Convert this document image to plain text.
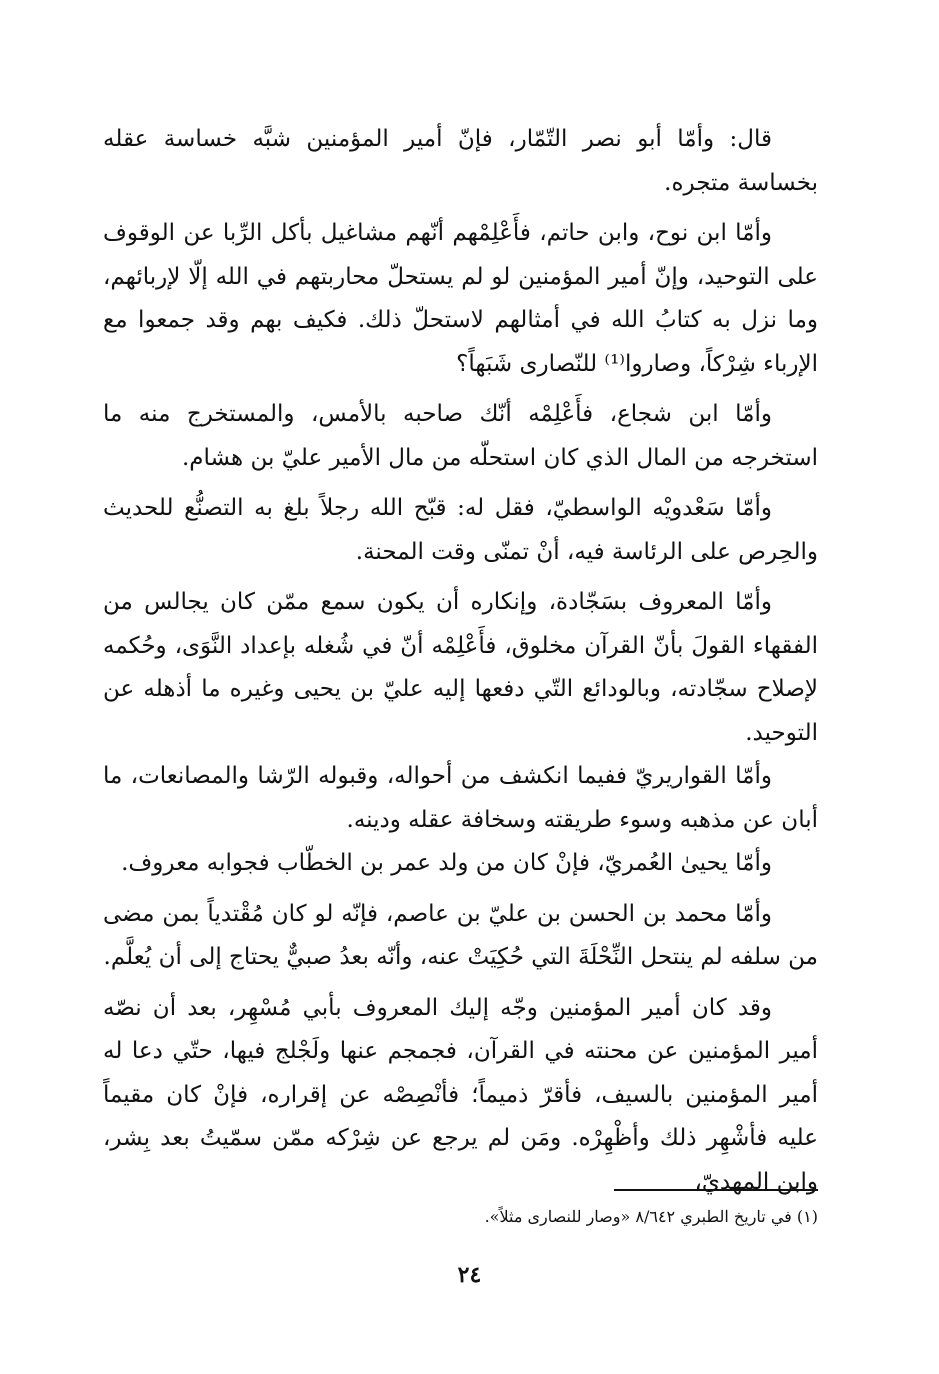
قال: وأمّا أبو نصر التّمّار، فإنّ أمير المؤمنين شبَّه خساسة عقله بخساسة متجره.

وأمّا ابن نوح، وابن حاتم، فأَعْلِمْهم أنّهم مشاغيل بأكل الرِّبا عن الوقوف على التوحيد، وإنّ أمير المؤمنين لو لم يستحلّ محاربتهم في الله إلّا لإربائهم، وما نزل به كتابُ الله في أمثالهم لاستحلّ ذلك. فكيف بهم وقد جمعوا مع الإرباء شِرْكاً، وصاروا⁽¹⁾ للنّصارى شَبَهاً؟

وأمّا ابن شجاع، فأَعْلِمْه أنّك صاحبه بالأمس، والمستخرج منه ما استخرجه من المال الذي كان استحلّه من مال الأمير عليّ بن هشام.

وأمّا سَعْدويْه الواسطيّ، فقل له: قبّح الله رجلاً بلغ به التصنُّع للحديث والحِرص على الرئاسة فيه، أنْ تمنّى وقت المحنة.

وأمّا المعروف بسَجّادة، وإنكاره أن يكون سمع ممّن كان يجالس من الفقهاء القولَ بأنّ القرآن مخلوق، فأَعْلِمْه أنّ في شُغله بإعداد النَّوَى، وحُكمه لإصلاح سجّادته، وبالودائع التّي دفعها إليه عليّ بن يحيى وغيره ما أذهله عن التوحيد.

وأمّا القواريريّ ففيما انكشف من أحواله، وقبوله الرّشا والمصانعات، ما أبان عن مذهبه وسوء طريقته وسخافة عقله ودينه.

وأمّا يحيىٰ العُمريّ، فإنْ كان من ولد عمر بن الخطّاب فجوابه معروف.

وأمّا محمد بن الحسن بن عليّ بن عاصم، فإنّه لو كان مُقْتدياً بمن مضى من سلفه لم ينتحل النِّحْلَةَ التي حُكِيَتْ عنه، وأنّه بعدُ صبيٌّ يحتاج إلى أن يُعلَّم.

وقد كان أمير المؤمنين وجّه إليك المعروف بأبي مُسْهِر، بعد أن نصّه أمير المؤمنين عن محنته في القرآن، فجمجم عنها ولَجْلج فيها، حتّي دعا له أمير المؤمنين بالسيف، فأقرّ ذميماً؛ فأنْصِصْه عن إقراره، فإنْ كان مقيماً عليه فأشْهِر ذلك وأظْهِرْه. ومَن لم يرجع عن شِرْكه ممّن سمّيتُ بعد بِشر، وابن المهديّ،

(١) في تاريخ الطبري ٨/٦٤٢ «وصار للنصارى مثلاً».
٢٤
